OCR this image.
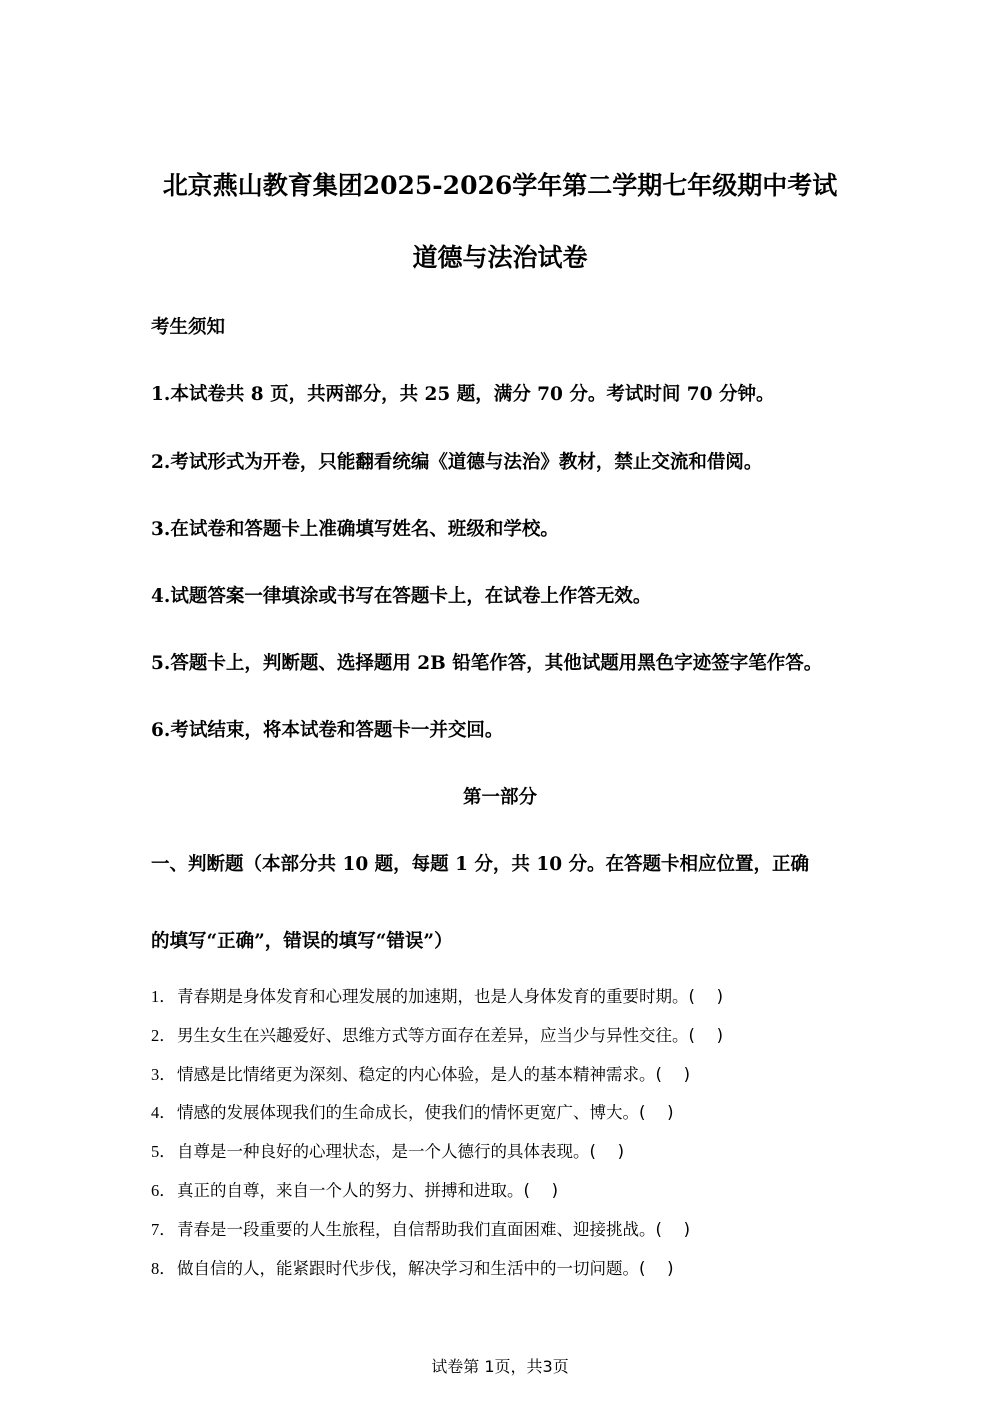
北京燕山教育集团2025-2026学年第二学期七年级期中考试
道德与法治试卷
考生须知
1.本试卷共 8 页，共两部分，共 25 题，满分 70 分。考试时间 70 分钟。
2.考试形式为开卷，只能翻看统编《道德与法治》教材，禁止交流和借阅。
3.在试卷和答题卡上准确填写姓名、班级和学校。
4.试题答案一律填涂或书写在答题卡上，在试卷上作答无效。
5.答题卡上，判断题、选择题用 2B 铅笔作答，其他试题用黑色字迹签字笔作答。
6.考试结束，将本试卷和答题卡一并交回。
第一部分
一、判断题（本部分共 10 题，每题 1 分，共 10 分。在答题卡相应位置，正确
的填写“正确”，错误的填写“错误”）
1．青春期是身体发育和心理发展的加速期，也是人身体发育的重要时期。(　 )
2．男生女生在兴趣爱好、思维方式等方面存在差异，应当少与异性交往。(　 )
3．情感是比情绪更为深刻、稳定的内心体验，是人的基本精神需求。(　 )
4．情感的发展体现我们的生命成长，使我们的情怀更宽广、博大。(　 )
5．自尊是一种良好的心理状态，是一个人德行的具体表现。(　 )
6．真正的自尊，来自一个人的努力、拼搏和进取。(　 )
7．青春是一段重要的人生旅程，自信帮助我们直面困难、迎接挑战。(　 )
8．做自信的人，能紧跟时代步伐，解决学习和生活中的一切问题。(　 )
试卷第 1页，共3页
